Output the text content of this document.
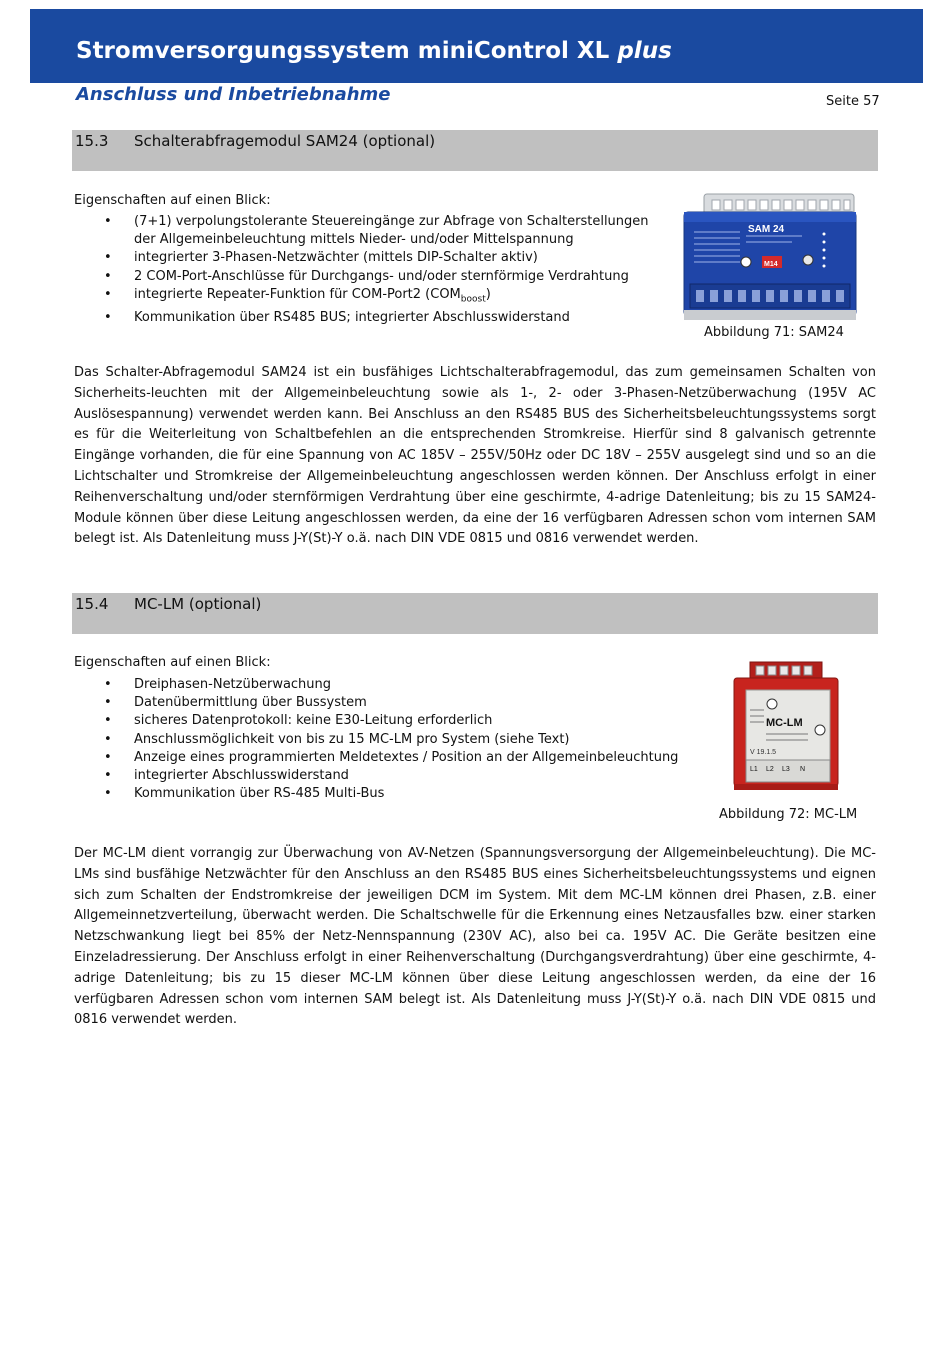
Stromversorgungssystem miniControl XL plus
Anschluss und Inbetriebnahme	Seite 57
15.3 Schalterabfragemodul SAM24 (optional)
Eigenschaften auf einen Blick:
• (7+1) verpolungstolerante Steuereingänge zur Abfrage von Schalterstellungen
der Allgemeinbeleuchtung mittels Nieder- und/oder Mittelspannung
• integrierter 3-Phasen-Netzwächter (mittels DIP-Schalter aktiv)
• 2 COM-Port-Anschlüsse für Durchgangs- und/oder sternförmige Verdrahtung
• integrierte Repeater-Funktion für COM-Port2 $(COM_{boost})$
• Kommunikation über RS485 BUS; integrierter Abschlusswiderstand
SAM 24
M14
Abbildung 71: SAM24

Das Schalter-Abfragemodul SAM24 ist ein busfähiges Lichtschalterabfragemodul, das zum gemeinsamen Schalten von Sicherheits-leuchten mit der Allgemeinbeleuchtung sowie als 1-, 2- oder 3-Phasen-Netzüberwachung (195V AC Auslösespannung) verwendet werden kann. Bei Anschluss an den RS485 BUS des Sicherheitsbeleuchtungssystems sorgt es für die Weiterleitung von Schaltbefehlen an die entsprechenden Stromkreise. Hierfür sind 8 galvanisch getrennte Eingänge vorhanden, die für eine Spannung von AC 185V – 255V/50Hz oder DC 18V – 255V ausgelegt sind und so an die Lichtschalter und Stromkreise der Allgemeinbeleuchtung angeschlossen werden können. Der Anschluss erfolgt in einer Reihenverschaltung und/oder sternförmigen Verdrahtung über eine geschirmte, 4-adrige Datenleitung; bis zu 15 SAM24-Module können über diese Leitung angeschlossen werden, da eine der 16 verfügbaren Adressen schon vom internen SAM belegt ist. Als Datenleitung muss J-Y(St)-Y o.ä. nach DIN VDE 0815 und 0816 verwendet werden.

15.4 MC-LM (optional)
Eigenschaften auf einen Blick:
• Dreiphasen-Netzüberwachung
• Datenübermittlung über Bussystem
• sicheres Datenprotokoll: keine E30-Leitung erforderlich
• Anschlussmöglichkeit von bis zu 15 MC-LM pro System (siehe Text)
• Anzeige eines programmierten Meldetextes / Position an der Allgemeinbeleuchtung
• integrierter Abschlusswiderstand
• Kommunikation über RS-485 Multi-Bus
MC-LM
V 19.1.5
L1 L2 L3 N
Abbildung 72: MC-LM

Der MC-LM dient vorrangig zur Überwachung von AV-Netzen (Spannungsversorgung der Allgemeinbeleuchtung). Die MC-LMs sind busfähige Netzwächter für den Anschluss an den RS485 BUS eines Sicherheitsbeleuchtungssystems und eignen sich zum Schalten der Endstromkreise der jeweiligen DCM im System. Mit dem MC-LM können drei Phasen, z.B. einer Allgemeinnetzverteilung, überwacht werden. Die Schaltschwelle für die Erkennung eines Netzausfalles bzw. einer starken Netzschwankung liegt bei 85% der Netz-Nennspannung (230V AC), also bei ca. 195V AC. Die Geräte besitzen eine Einzeladressierung. Der Anschluss erfolgt in einer Reihenverschaltung (Durchgangsverdrahtung) über eine geschirmte, 4-adrige Datenleitung; bis zu 15 dieser MC-LM können über diese Leitung angeschlossen werden, da eine der 16 verfügbaren Adressen schon vom internen SAM belegt ist. Als Datenleitung muss J-Y(St)-Y o.ä. nach DIN VDE 0815 und 0816 verwendet werden.
